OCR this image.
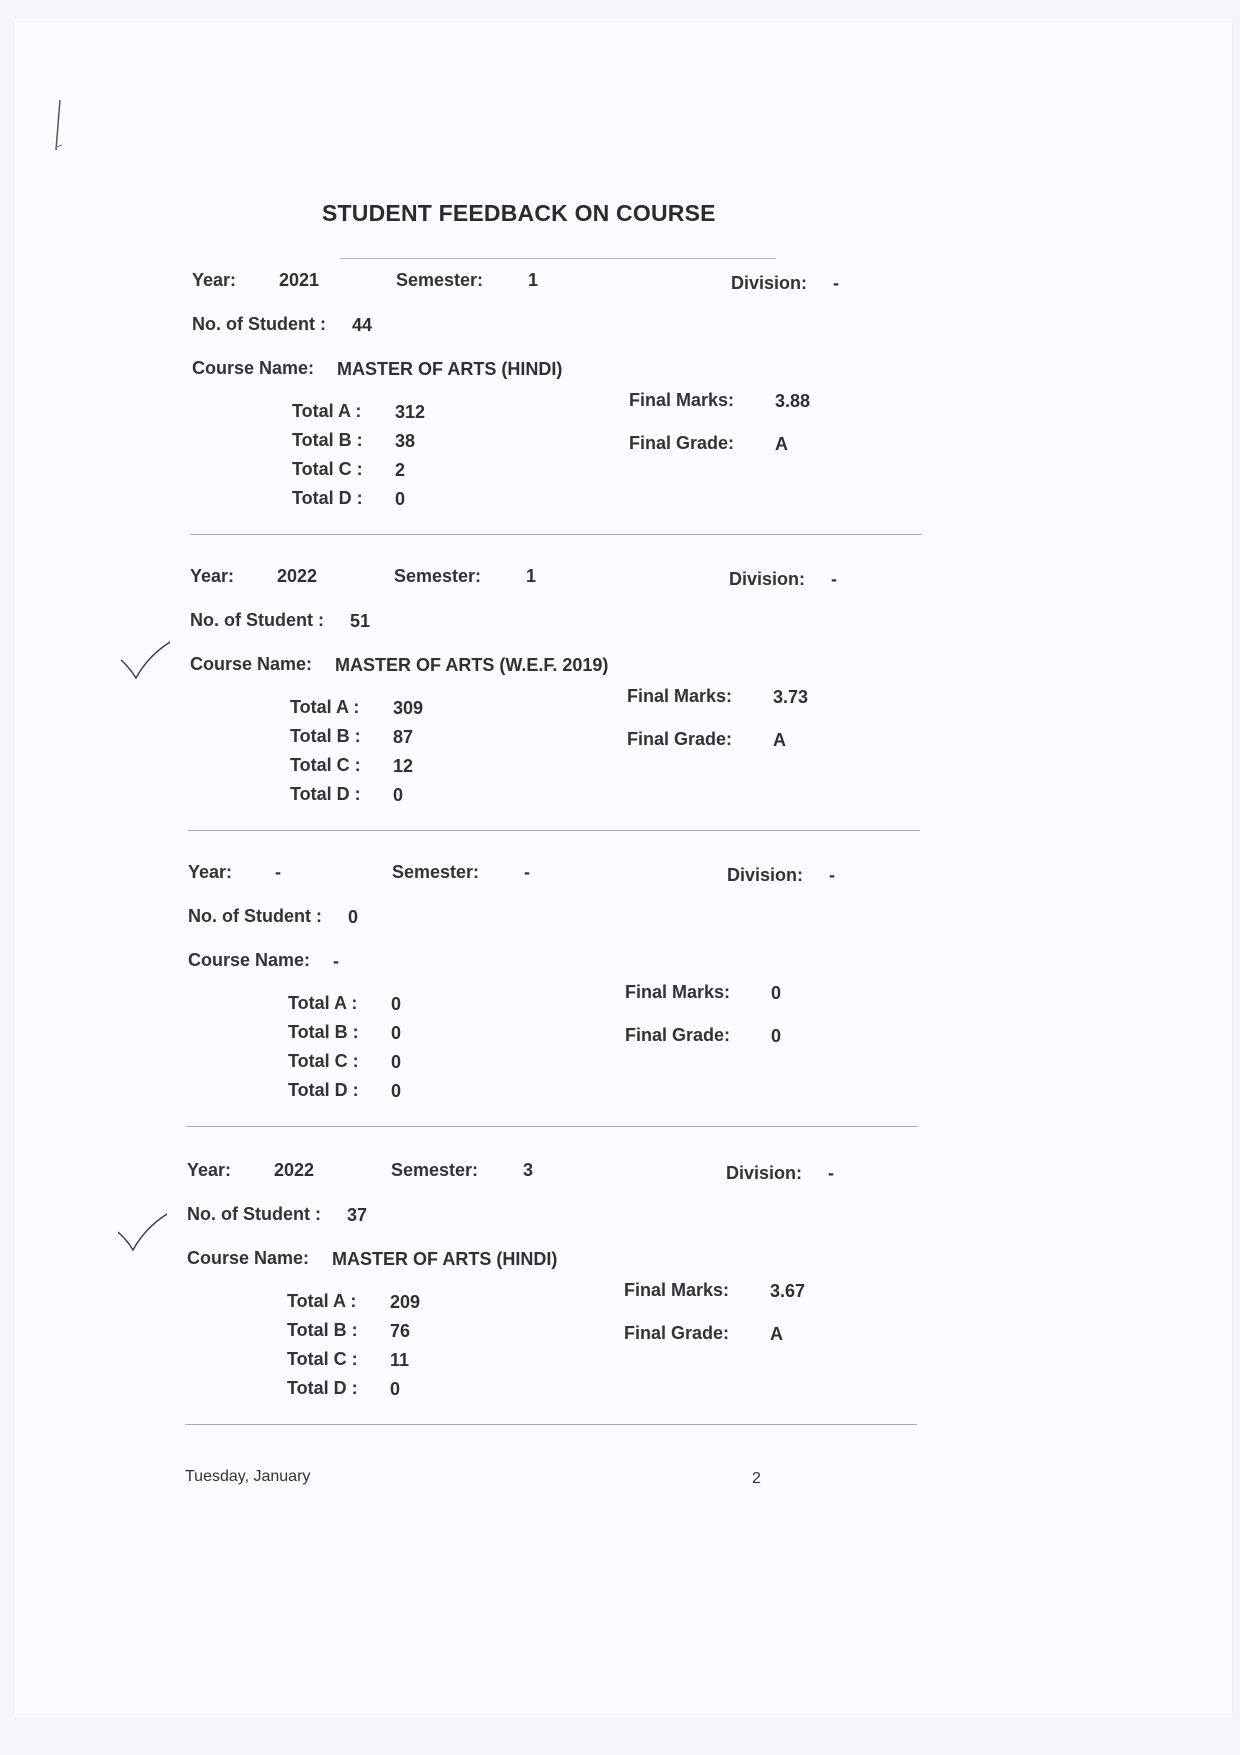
STUDENT FEEDBACK ON COURSE
Year: 2021	Semester: 1	Division: -
No. of Student : 44
Course Name: MASTER OF ARTS (HINDI)
Total A : 312
Total B : 38
Total C : 2
Total D : 0
Final Marks: 3.88
Final Grade: A
Year: 2022	Semester: 1	Division: -
No. of Student : 51
Course Name: MASTER OF ARTS (W.E.F. 2019)
Total A : 309
Total B : 87
Total C : 12
Total D : 0
Final Marks: 3.73
Final Grade: A
Year: -	Semester: -	Division: -
No. of Student : 0
Course Name: -
Total A : 0
Total B : 0
Total C : 0
Total D : 0
Final Marks: 0
Final Grade: 0
Year: 2022	Semester: 3	Division: -
No. of Student : 37
Course Name: MASTER OF ARTS (HINDI)
Total A : 209
Total B : 76
Total C : 11
Total D : 0
Final Marks: 3.67
Final Grade: A
Tuesday, January	2
